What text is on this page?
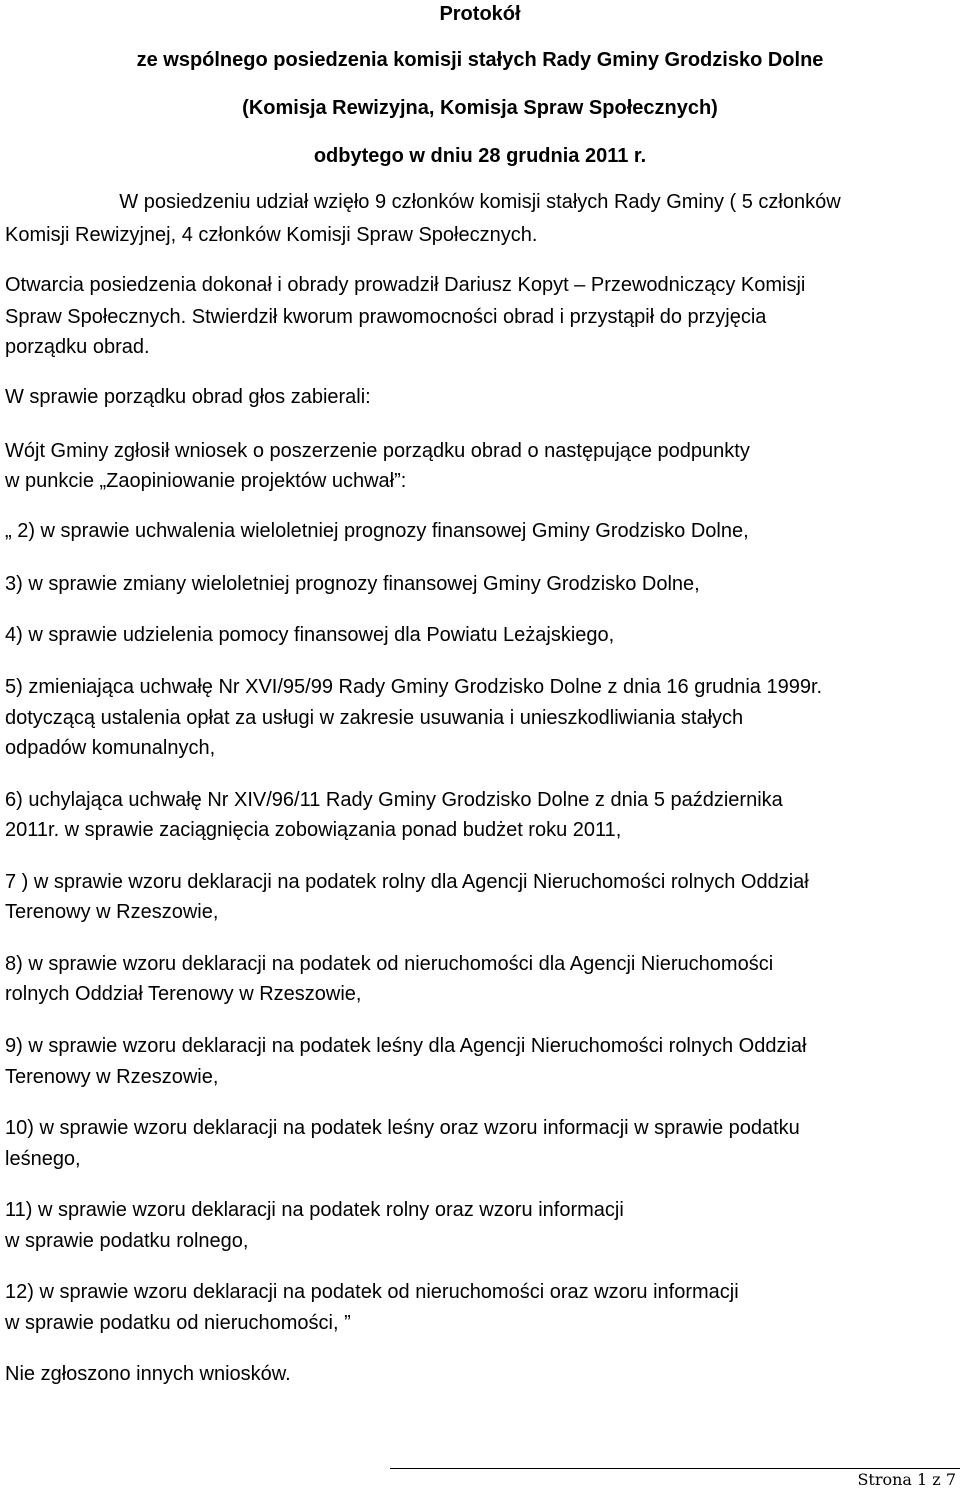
Protokół
ze wspólnego posiedzenia komisji stałych Rady Gminy Grodzisko Dolne
(Komisja Rewizyjna, Komisja Spraw Społecznych)
odbytego w dniu 28 grudnia 2011 r.
W posiedzeniu udział wzięło 9 członków komisji stałych Rady Gminy ( 5 członków
Komisji Rewizyjnej, 4 członków Komisji Spraw Społecznych.
Otwarcia posiedzenia dokonał i obrady prowadził Dariusz Kopyt – Przewodniczący Komisji
Spraw Społecznych. Stwierdził kworum prawomocności obrad i przystąpił do przyjęcia
porządku obrad.
W sprawie porządku obrad głos zabierali:
Wójt Gminy zgłosił wniosek o poszerzenie porządku obrad o następujące podpunkty
w punkcie „Zaopiniowanie projektów uchwał”:
„ 2) w sprawie uchwalenia wieloletniej prognozy finansowej Gminy Grodzisko Dolne,
3) w sprawie zmiany wieloletniej prognozy finansowej Gminy Grodzisko Dolne,
4) w sprawie udzielenia pomocy finansowej dla Powiatu Leżajskiego,
5) zmieniająca uchwałę Nr XVI/95/99 Rady Gminy Grodzisko Dolne z dnia 16 grudnia 1999r.
dotyczącą ustalenia opłat za usługi w zakresie usuwania i unieszkodliwiania stałych
odpadów komunalnych,
6) uchylająca uchwałę Nr XIV/96/11 Rady Gminy Grodzisko Dolne z dnia 5 października
2011r. w sprawie zaciągnięcia zobowiązania ponad budżet roku 2011,
7 ) w sprawie wzoru deklaracji na podatek rolny dla Agencji Nieruchomości rolnych Oddział
Terenowy w Rzeszowie,
8) w sprawie wzoru deklaracji na podatek od nieruchomości dla Agencji Nieruchomości
rolnych Oddział Terenowy w Rzeszowie,
9) w sprawie wzoru deklaracji na podatek leśny dla Agencji Nieruchomości rolnych Oddział
Terenowy w Rzeszowie,
10) w sprawie wzoru deklaracji na podatek leśny oraz wzoru informacji w sprawie podatku
leśnego,
11) w sprawie wzoru deklaracji na podatek rolny oraz wzoru informacji
w sprawie podatku rolnego,
12) w sprawie wzoru deklaracji na podatek od nieruchomości oraz wzoru informacji
w sprawie podatku od nieruchomości, ”
Nie zgłoszono innych wniosków.
Strona 1 z 7
